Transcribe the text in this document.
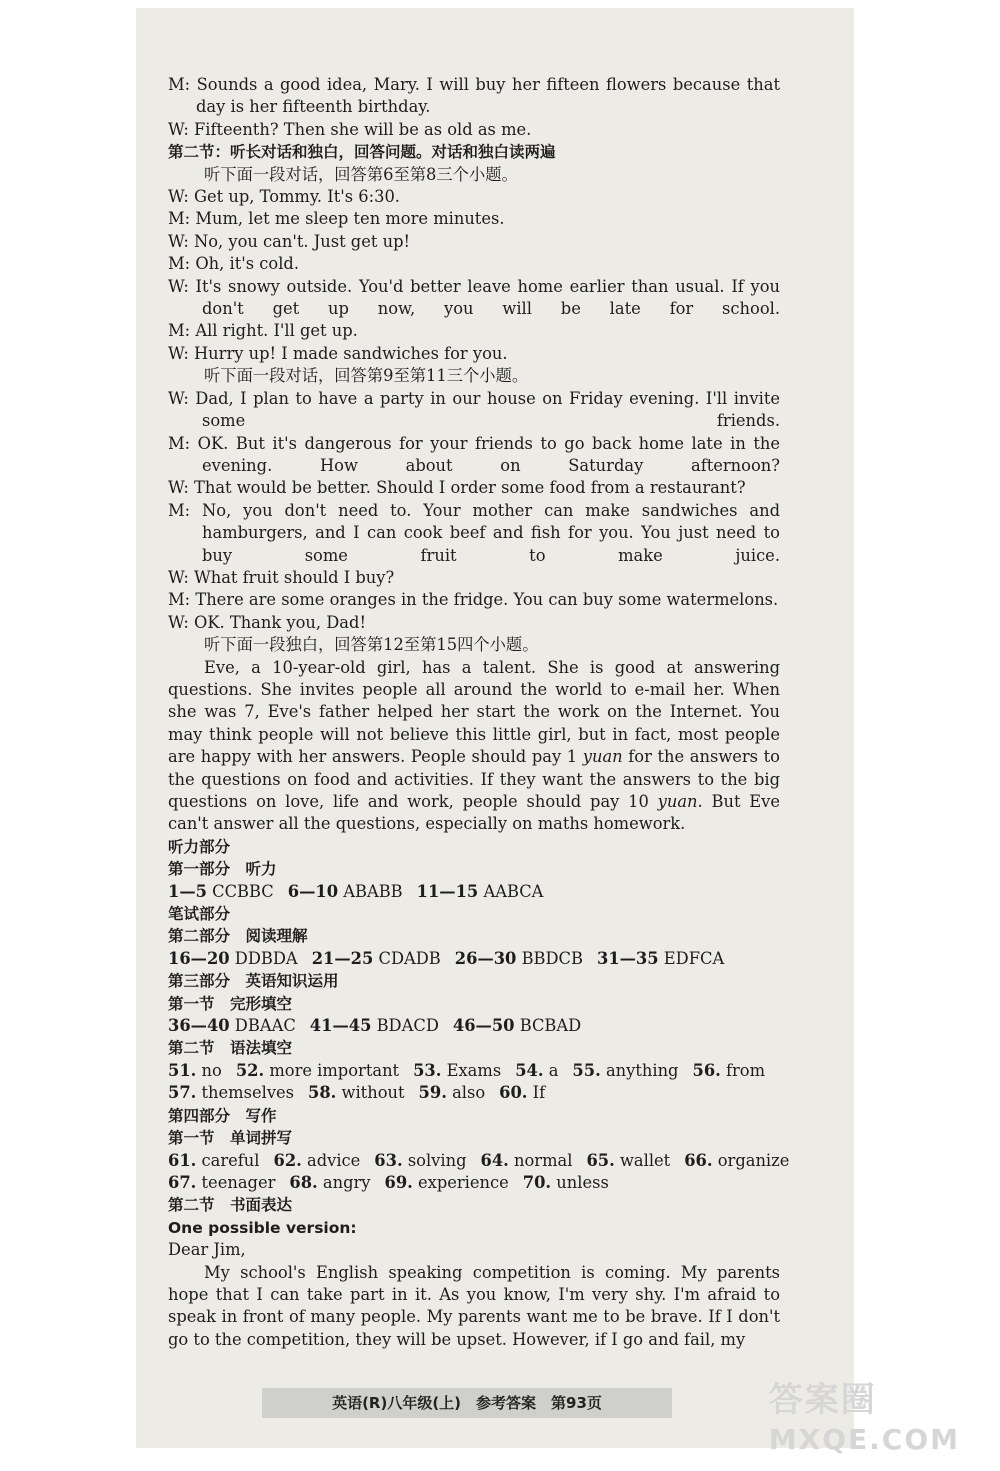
M: Sounds a good idea, Mary. I will buy her fifteen flowers because that day is her fifteenth birthday.
W: Fifteenth? Then she will be as old as me.
第二节：听长对话和独白，回答问题。对话和独白读两遍
听下面一段对话，回答第6至第8三个小题。
W: Get up, Tommy. It's 6:30.
M: Mum, let me sleep ten more minutes.
W: No, you can't. Just get up!
M: Oh, it's cold.
W: It's snowy outside. You'd better leave home earlier than usual. If you don't get up now, you will be late for school.
M: All right. I'll get up.
W: Hurry up! I made sandwiches for you.
听下面一段对话，回答第9至第11三个小题。
W: Dad, I plan to have a party in our house on Friday evening. I'll invite some friends.
M: OK. But it's dangerous for your friends to go back home late in the evening. How about on Saturday afternoon?
W: That would be better. Should I order some food from a restaurant?
M: No, you don't need to. Your mother can make sandwiches and hamburgers, and I can cook beef and fish for you. You just need to buy some fruit to make juice.
W: What fruit should I buy?
M: There are some oranges in the fridge. You can buy some watermelons.
W: OK. Thank you, Dad!
听下面一段独白，回答第12至第15四个小题。
Eve, a 10-year-old girl, has a talent. She is good at answering questions. She invites people all around the world to e-mail her. When she was 7, Eve's father helped her start the work on the Internet. You may think people will not believe this little girl, but in fact, most people are happy with her answers. People should pay 1 yuan for the answers to the questions on food and activities. If they want the answers to the big questions on love, life and work, people should pay 10 yuan. But Eve can't answer all the questions, especially on maths homework.
听力部分
第一部分　听力
1—5 CCBBC 6—10 ABABB 11—15 AABCA
笔试部分
第二部分　阅读理解
16—20 DDBDA 21—25 CDADB 26—30 BBDCB 31—35 EDFCA
第三部分　英语知识运用
第一节　完形填空
36—40 DBAAC 41—45 BDACD 46—50 BCBAD
第二节　语法填空
51. no 52. more important 53. Exams 54. a 55. anything 56. from
57. themselves 58. without 59. also 60. If
第四部分　写作
第一节　单词拼写
61. careful 62. advice 63. solving 64. normal 65. wallet 66. organize
67. teenager 68. angry 69. experience 70. unless
第二节　书面表达
One possible version:
Dear Jim,
My school's English speaking competition is coming. My parents hope that I can take part in it. As you know, I'm very shy. I'm afraid to speak in front of many people. My parents want me to be brave. If I don't go to the competition, they will be upset. However, if I go and fail, my
英语(R)八年级(上)　参考答案　第93页	答案圈
MXQE.COM
